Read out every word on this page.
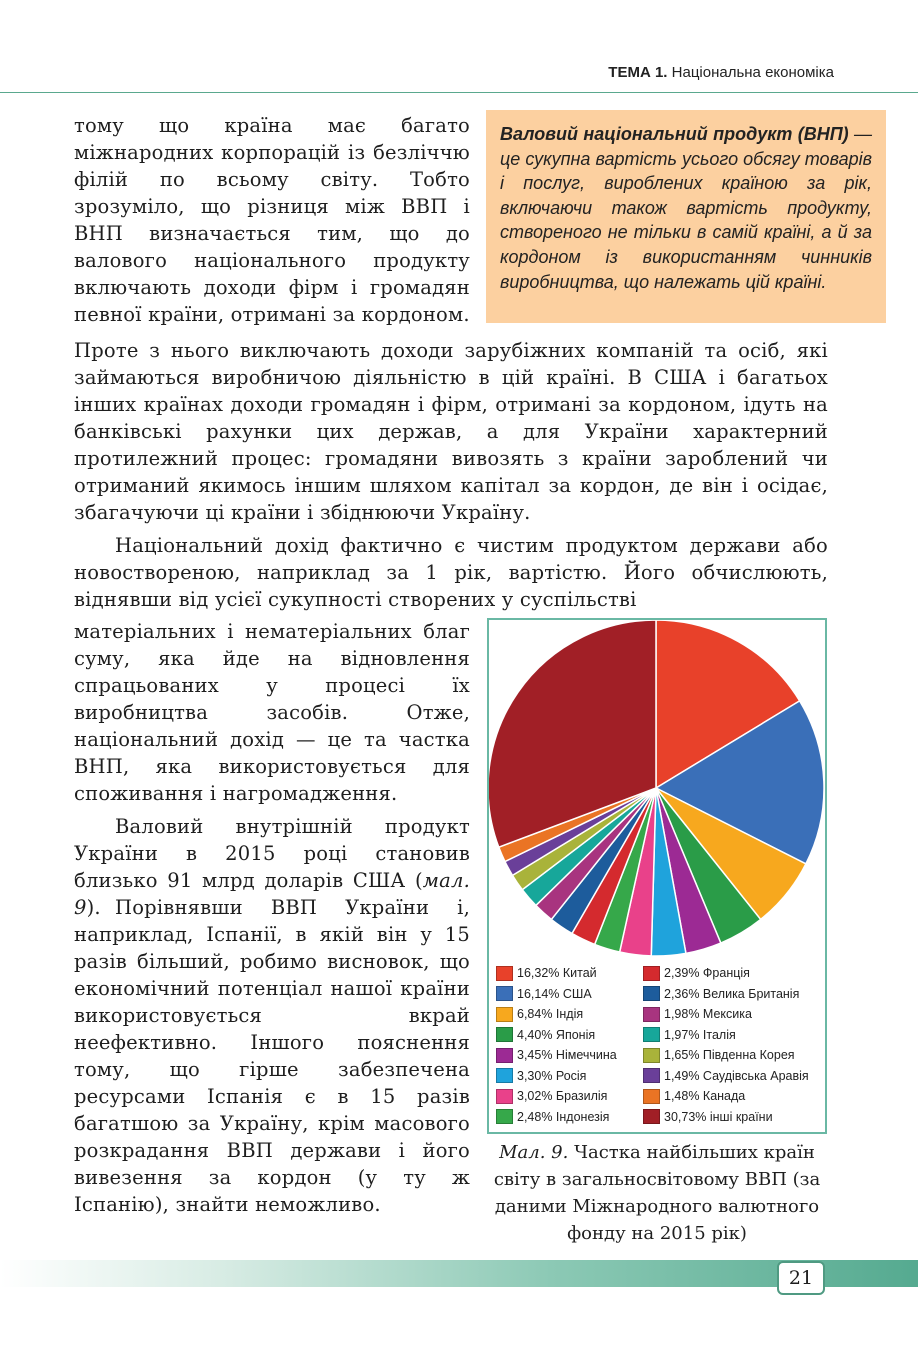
ТЕМА 1. Національна економіка

тому що країна має багато міжнародних корпорацій із безліччю філій по всьому світу. Тобто зрозуміло, що різниця між ВВП і ВНП визначається тим, що до валового національного продукту включають доходи фірм і громадян певної країни, отримані за кордоном.

Валовий національний продукт (ВНП) — це сукупна вартість усього обсягу товарів і послуг, вироблених країною за рік, включаючи також вартість продукту, створеного не тільки в самій країні, а й за кордоном із використанням чинників виробництва, що належать цій країні.

Проте з нього виключають доходи зарубіжних компаній та осіб, які займаються виробничою діяльністю в цій країні. В США і багатьох інших країнах доходи громадян і фірм, отримані за кордоном, ідуть на банківські рахунки цих держав, а для України характерний протилежний процес: громадяни вивозять з країни зароблений чи отриманий якимось іншим шляхом капітал за кордон, де він і осідає, збагачуючи ці країни і збіднюючи Україну.

Національний дохід фактично є чистим продуктом держави або новоствореною, наприклад за 1 рік, вартістю. Його обчислюють, віднявши від усієї сукупності створених у суспільстві

матеріальних і нематеріальних благ суму, яка йде на відновлення спрацьованих у процесі їх виробництва засобів. Отже, національний дохід — це та частка ВНП, яка використовується для споживання і нагромадження.

Валовий внутрішній продукт України в 2015 році становив близько 91 млрд доларів США (мал. 9). Порівнявши ВВП України і, наприклад, Іспанії, в якій він у 15 разів більший, робимо висновок, що економічний потенціал нашої країни використовується вкрай неефективно. Іншого пояснення тому, що гірше забезпечена ресурсами Іспанія є в 15 разів багатшою за Україну, крім масового розкрадання ВВП держави і його вивезення за кордон (у ту ж Іспанію), знайти неможливо.

16,32% Китай
16,14% США
6,84% Індія
4,40% Японія
3,45% Німеччина
3,30% Росія
3,02% Бразилія
2,48% Індонезія
2,39% Франція
2,36% Велика Британія
1,98% Мексика
1,97% Італія
1,65% Південна Корея
1,49% Саудівська Аравія
1,48% Канада
30,73% інші країни
Мал. 9. Частка найбільших країн світу в загальносвітовому ВВП (за даними Міжнародного валютного фонду на 2015 рік)
21
